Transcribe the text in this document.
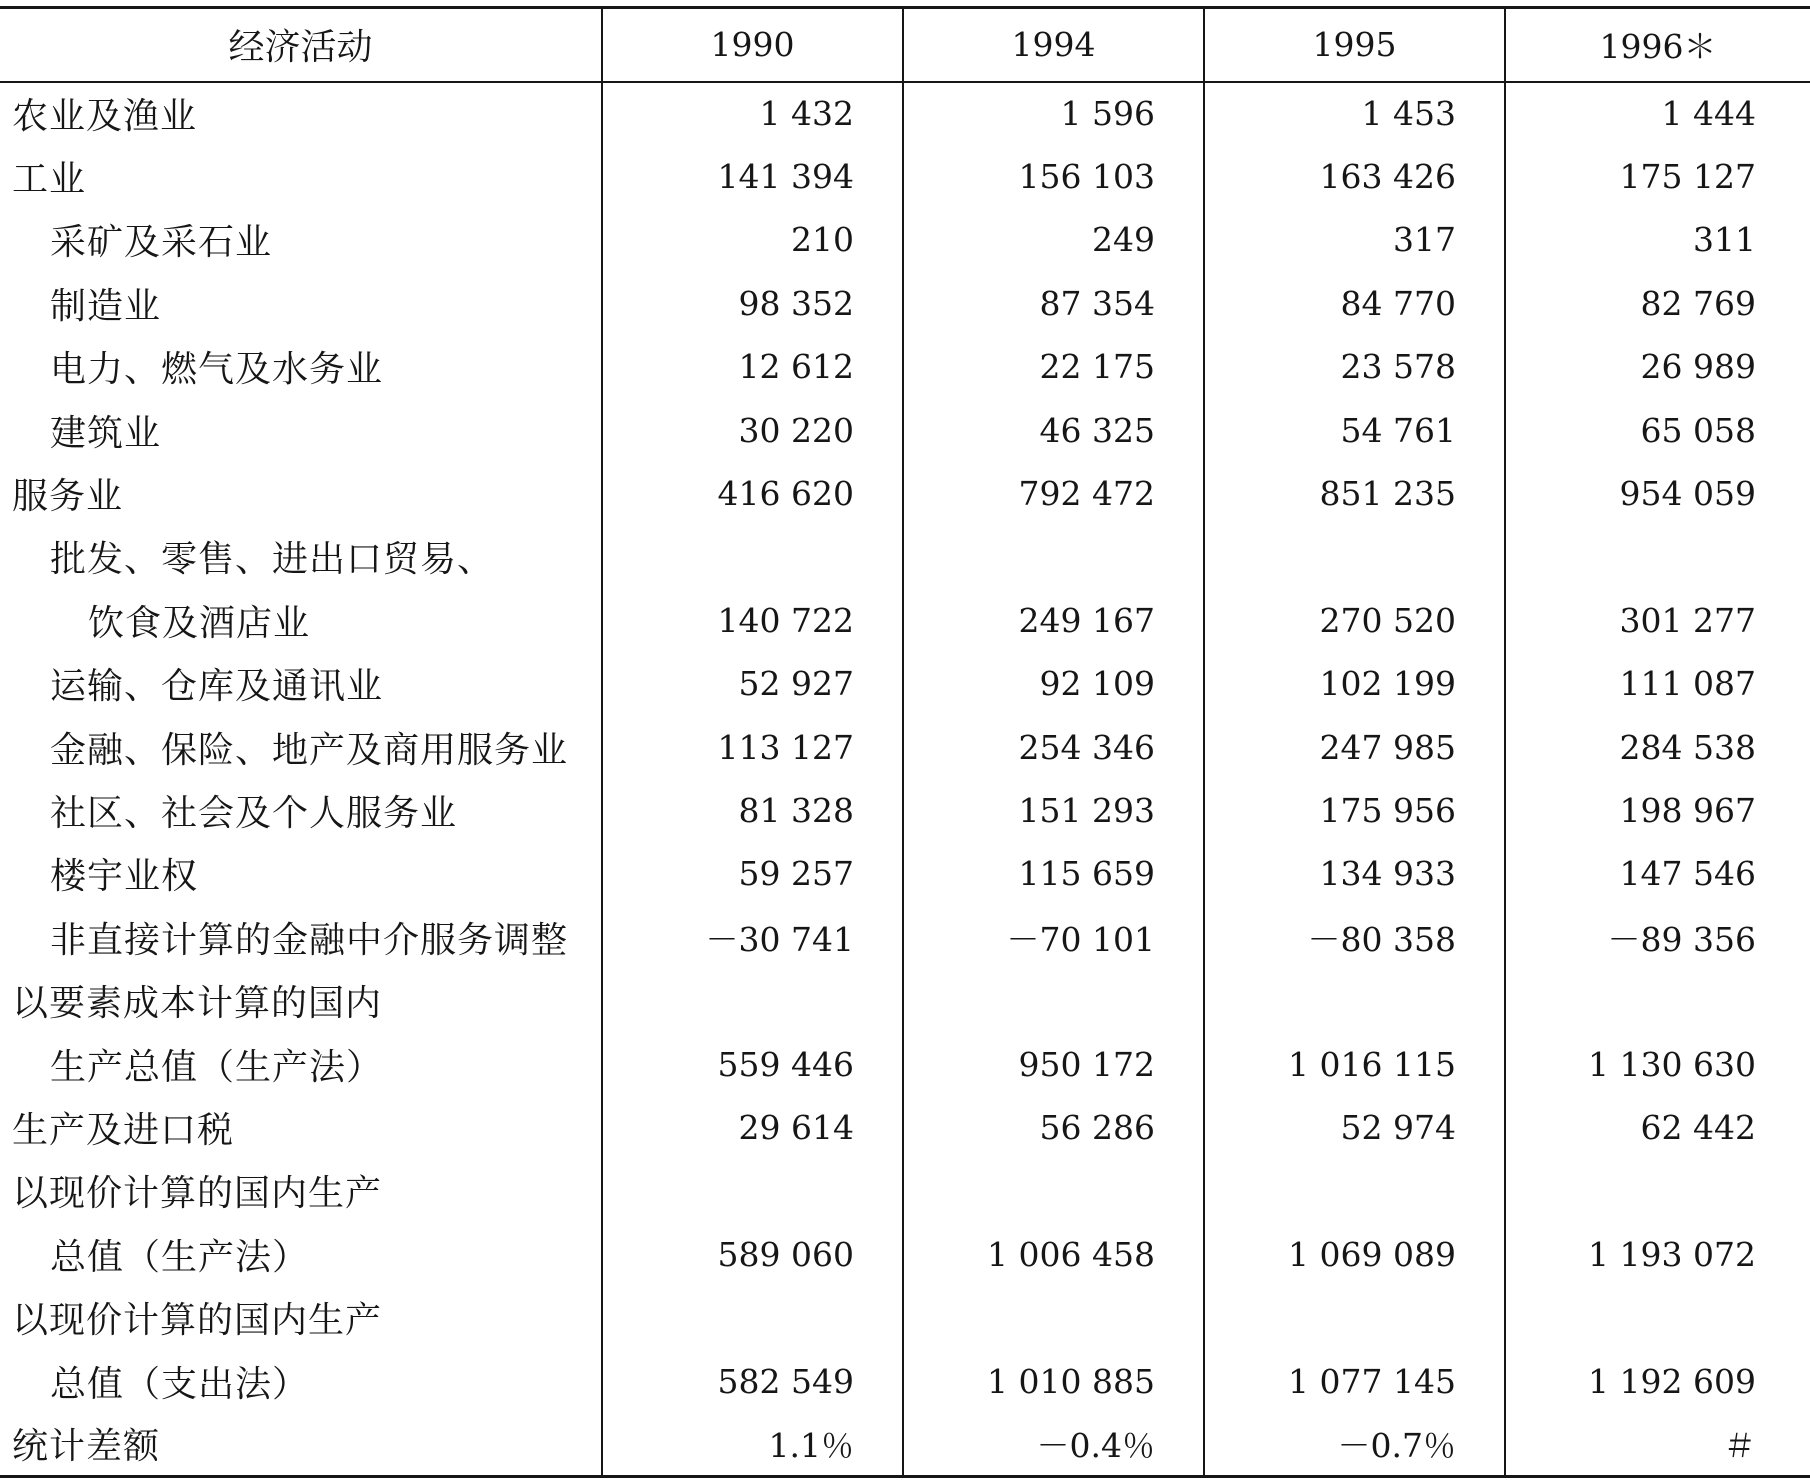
经济活动	1990	1994	1995	1996＊
农业及渔业	1 432	1 596	1 453	1 444
工业	141 394	156 103	163 426	175 127
采矿及采石业	210	249	317	311
制造业	98 352	87 354	84 770	82 769
电力、燃气及水务业	12 612	22 175	23 578	26 989
建筑业	30 220	46 325	54 761	65 058
服务业	416 620	792 472	851 235	954 059
批发、零售、进出口贸易、				
饮食及酒店业	140 722	249 167	270 520	301 277
运输、仓库及通讯业	52 927	92 109	102 199	111 087
金融、保险、地产及商用服务业	113 127	254 346	247 985	284 538
社区、社会及个人服务业	81 328	151 293	175 956	198 967
楼宇业权	59 257	115 659	134 933	147 546
非直接计算的金融中介服务调整	－30 741	－70 101	－80 358	－89 356
以要素成本计算的国内				
生产总值（生产法）	559 446	950 172	1 016 115	1 130 630
生产及进口税	29 614	56 286	52 974	62 442
以现价计算的国内生产				
总值（生产法）	589 060	1 006 458	1 069 089	1 193 072
以现价计算的国内生产				
总值（支出法）	582 549	1 010 885	1 077 145	1 192 609
统计差额	1.1％	－0.4％	－0.7％	＃
